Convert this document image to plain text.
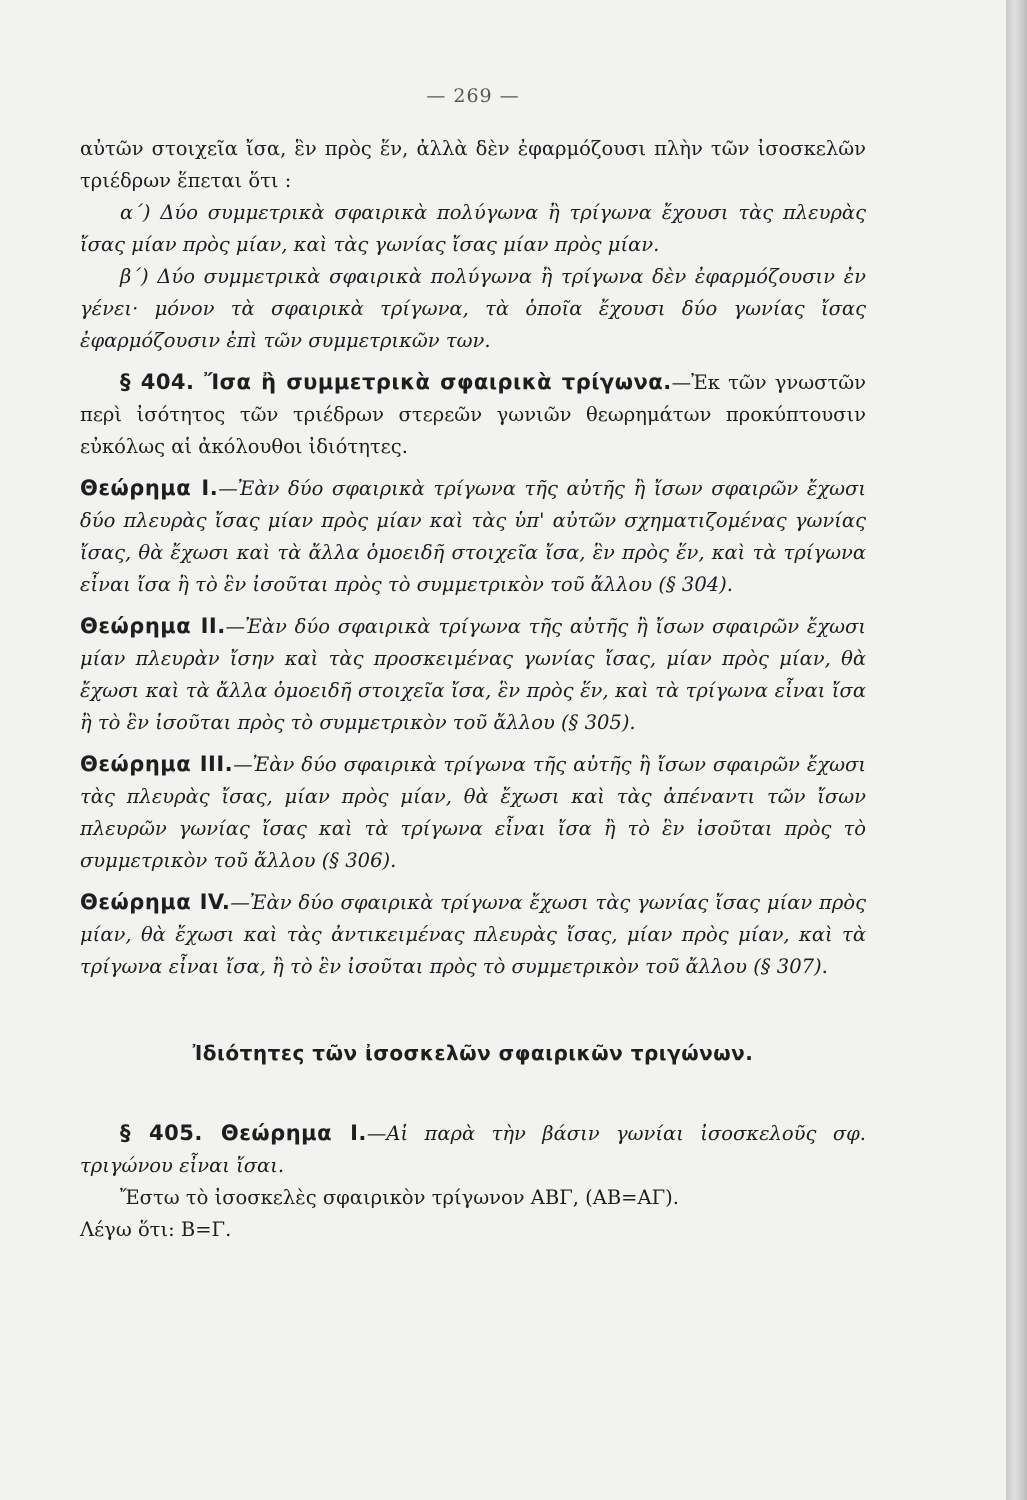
— 269 —

αὐτῶν στοιχεῖα ἴσα, ἓν πρὸς ἕν, ἀλλὰ δὲν ἐφαρμόζουσι πλὴν τῶν ἰσοσκελῶν τριέδρων ἕπεται ὅτι :

α΄) Δύο συμμετρικὰ σφαιρικὰ πολύγωνα ἢ τρίγωνα ἔχουσι τὰς πλευρὰς ἴσας μίαν πρὸς μίαν, καὶ τὰς γωνίας ἴσας μίαν πρὸς μίαν.

β΄) Δύο συμμετρικὰ σφαιρικὰ πολύγωνα ἢ τρίγωνα δὲν ἐφαρμόζουσιν ἐν γένει· μόνον τὰ σφαιρικὰ τρίγωνα, τὰ ὁποῖα ἔχουσι δύο γωνίας ἴσας ἐφαρμόζουσιν ἐπὶ τῶν συμμετρικῶν των.

§ 404. Ἴσα ἢ συμμετρικὰ σφαιρικὰ τρίγωνα.—Ἐκ τῶν γνωστῶν περὶ ἰσότητος τῶν τριέδρων στερεῶν γωνιῶν θεωρημάτων προκύπτουσιν εὐκόλως αἱ ἀκόλουθοι ἰδιότητες.

Θεώρημα I.—Ἐὰν δύο σφαιρικὰ τρίγωνα τῆς αὐτῆς ἢ ἴσων σφαιρῶν ἔχωσι δύο πλευρὰς ἴσας μίαν πρὸς μίαν καὶ τὰς ὑπ' αὐτῶν σχηματιζομένας γωνίας ἴσας, θὰ ἔχωσι καὶ τὰ ἄλλα ὁμοειδῆ στοιχεῖα ἴσα, ἓν πρὸς ἕν, καὶ τὰ τρίγωνα εἶναι ἴσα ἢ τὸ ἓν ἰσοῦται πρὸς τὸ συμμετρικὸν τοῦ ἄλλου (§ 304).

Θεώρημα II.—Ἐὰν δύο σφαιρικὰ τρίγωνα τῆς αὐτῆς ἢ ἴσων σφαιρῶν ἔχωσι μίαν πλευρὰν ἴσην καὶ τὰς προσκειμένας γωνίας ἴσας, μίαν πρὸς μίαν, θὰ ἔχωσι καὶ τὰ ἄλλα ὁμοειδῆ στοιχεῖα ἴσα, ἓν πρὸς ἕν, καὶ τὰ τρίγωνα εἶναι ἴσα ἢ τὸ ἓν ἰσοῦται πρὸς τὸ συμμετρικὸν τοῦ ἄλλου (§ 305).

Θεώρημα III.—Ἐὰν δύο σφαιρικὰ τρίγωνα τῆς αὐτῆς ἢ ἴσων σφαιρῶν ἔχωσι τὰς πλευρὰς ἴσας, μίαν πρὸς μίαν, θὰ ἔχωσι καὶ τὰς ἀπέναντι τῶν ἴσων πλευρῶν γωνίας ἴσας καὶ τὰ τρίγωνα εἶναι ἴσα ἢ τὸ ἓν ἰσοῦται πρὸς τὸ συμμετρικὸν τοῦ ἄλλου (§ 306).

Θεώρημα IV.—Ἐὰν δύο σφαιρικὰ τρίγωνα ἔχωσι τὰς γωνίας ἴσας μίαν πρὸς μίαν, θὰ ἔχωσι καὶ τὰς ἀντικειμένας πλευρὰς ἴσας, μίαν πρὸς μίαν, καὶ τὰ τρίγωνα εἶναι ἴσα, ἢ τὸ ἓν ἰσοῦται πρὸς τὸ συμμετρικὸν τοῦ ἄλλου (§ 307).

Ἰδιότητες τῶν ἰσοσκελῶν σφαιρικῶν τριγώνων.

§ 405. Θεώρημα I.—Αἱ παρὰ τὴν βάσιν γωνίαι ἰσοσκελοῦς σφ. τριγώνου εἶναι ἴσαι.

Ἔστω τὸ ἰσοσκελὲς σφαιρικὸν τρίγωνον ΑΒΓ, (ΑΒ=ΑΓ).

Λέγω ὅτι: Β=Γ.
